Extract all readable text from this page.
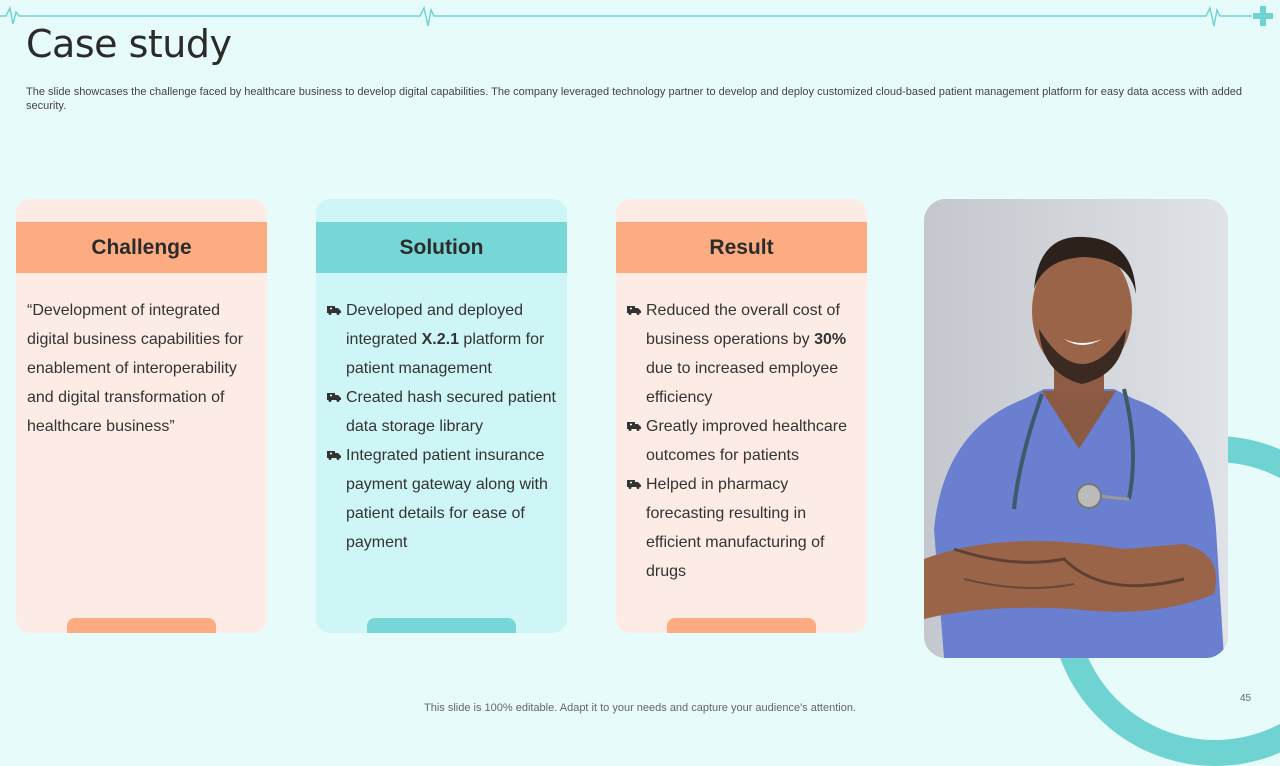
Case study
The slide showcases the challenge faced by healthcare business to develop digital capabilities. The company leveraged technology partner to develop and deploy customized cloud-based patient management platform for easy data access with added security.
Challenge
“Development of integrated digital business capabilities for enablement of interoperability and digital transformation of healthcare business”
Solution
Developed and deployed integrated X.2.1 platform for patient management
Created hash secured patient data storage library
Integrated patient insurance payment gateway along with patient details for ease of payment
Result
Reduced the overall cost of business operations by 30% due to increased employee efficiency
Greatly improved healthcare outcomes for patients
Helped in pharmacy forecasting resulting in efficient manufacturing of drugs
This slide is 100% editable. Adapt it to your needs and capture your audience's attention.
45
